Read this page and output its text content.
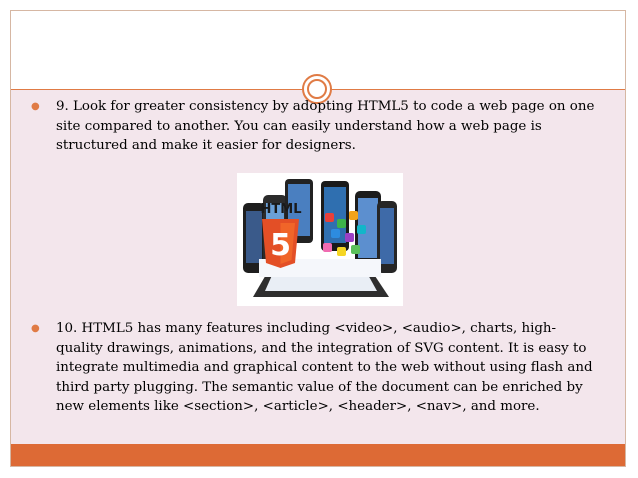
●	9. Look for greater consistency by adopting HTML5 to code a web page on one site compared to another. You can easily understand how a web page is structured and make it easier for designers.
5
HTML
●	10. HTML5 has many features including <video>, <audio>, charts, high-quality drawings, animations, and the integration of SVG content. It is easy to integrate multimedia and graphical content to the web without using flash and third party plugging. The semantic value of the document can be enriched by new elements like <section>, <article>, <header>, <nav>, and more.
